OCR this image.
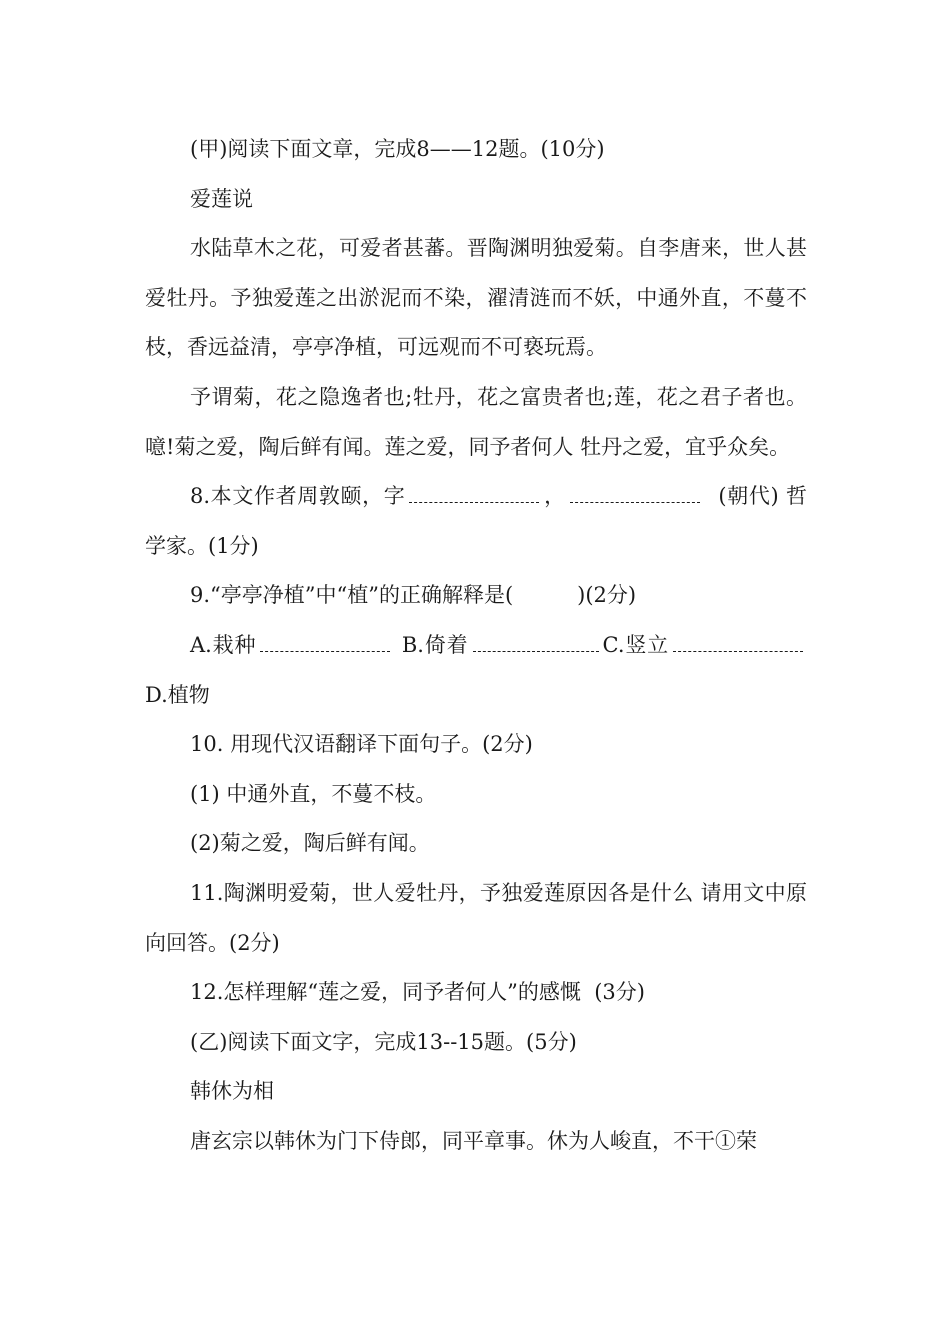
(甲)阅读下面文章，完成8——12题。(10分)

爱莲说

水陆草木之花，可爱者甚蕃。晋陶渊明独爱菊。自李唐来，世人甚爱牡丹。予独爱莲之出淤泥而不染，濯清涟而不妖，中通外直，不蔓不枝，香远益清，亭亭净植，可远观而不可亵玩焉。

予谓菊，花之隐逸者也;牡丹，花之富贵者也;莲，花之君子者也。噫!菊之爱，陶后鲜有闻。莲之爱，同予者何人 牡丹之爱，宜乎众矣。

8.本文作者周敦颐，字	，	(朝代) 哲学家。(1分)

9.“亭亭净植”中“植”的正确解释是(	)(2分)

A.栽种	B.倚着	C.竖立D.植物

10. 用现代汉语翻译下面句子。(2分)

(1) 中通外直，不蔓不枝。

(2)菊之爱，陶后鲜有闻。

11.陶渊明爱菊，世人爱牡丹，予独爱莲原因各是什么 请用文中原向回答。(2分)

12.怎样理解“莲之爱，同予者何人”的感慨  (3分)

(乙)阅读下面文字，完成13--15题。(5分)

韩休为相

唐玄宗以韩休为门下侍郎，同平章事。休为人峻直，不干①荣
